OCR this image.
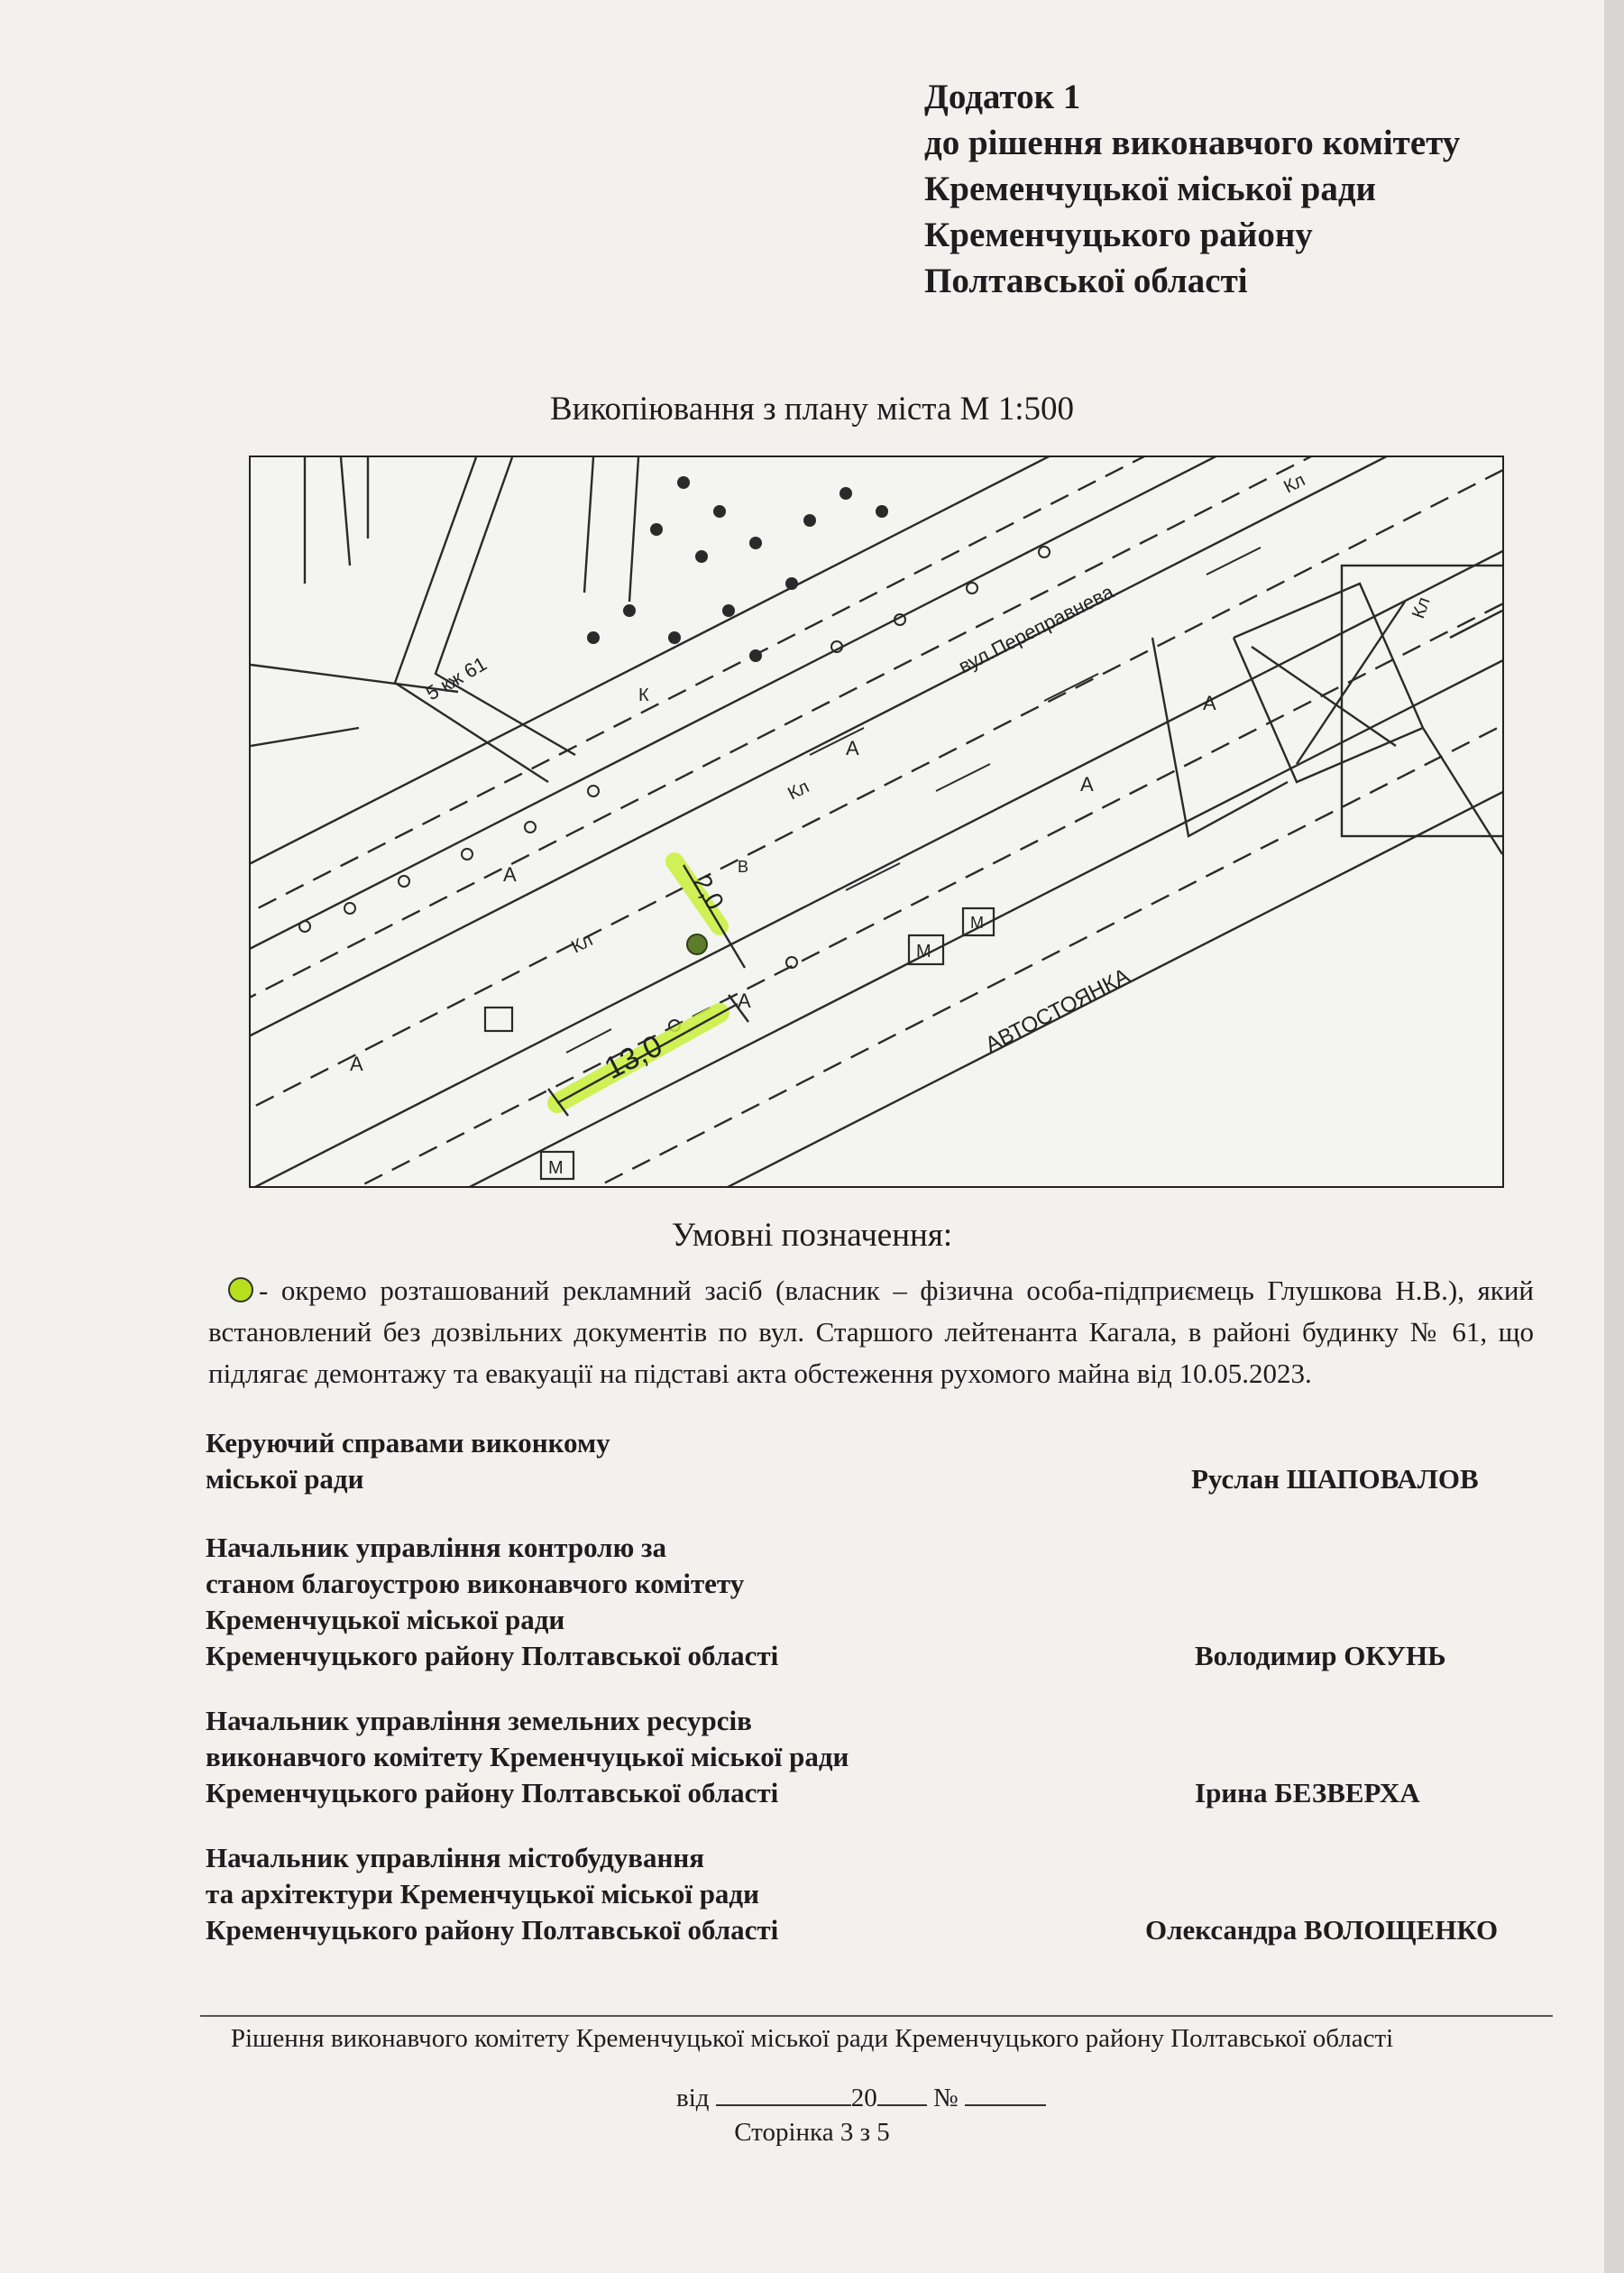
Додаток 1
до рішення виконавчого комітету
Кременчуцької міської ради
Кременчуцького району
Полтавської області
Викопіювання з плану міста М 1:500
вул.Переправнева
АВТОСТОЯНКА
5 кж 61
13,0
2,0
А
А
А
А
А
А
Кл
Кл
Кл
Кл
М
М
М
К
В
Умовні позначення:
- окремо розташований рекламний засіб (власник – фізична особа-підприємець Глушкова Н.В.), який встановлений без дозвільних документів по вул. Старшого лейтенанта Кагала, в районі будинку № 61, що підлягає демонтажу та евакуації на підставі акта обстеження рухомого майна від 10.05.2023.
Керуючий справами виконкому
міської ради	Руслан ШАПОВАЛОВ
Начальник управління контролю за
станом благоустрою виконавчого комітету
Кременчуцької міської ради
Кременчуцького району Полтавської області	Володимир ОКУНЬ
Начальник управління земельних ресурсів
виконавчого комітету Кременчуцької міської ради
Кременчуцького району Полтавської області	Ірина БЕЗВЕРХА
Начальник управління містобудування
та архітектури Кременчуцької міської ради
Кременчуцького району Полтавської області	Олександра ВОЛОЩЕНКО
Рішення виконавчого комітету Кременчуцької міської ради Кременчуцького району Полтавської області
від	20 №
Сторінка 3 з 5
